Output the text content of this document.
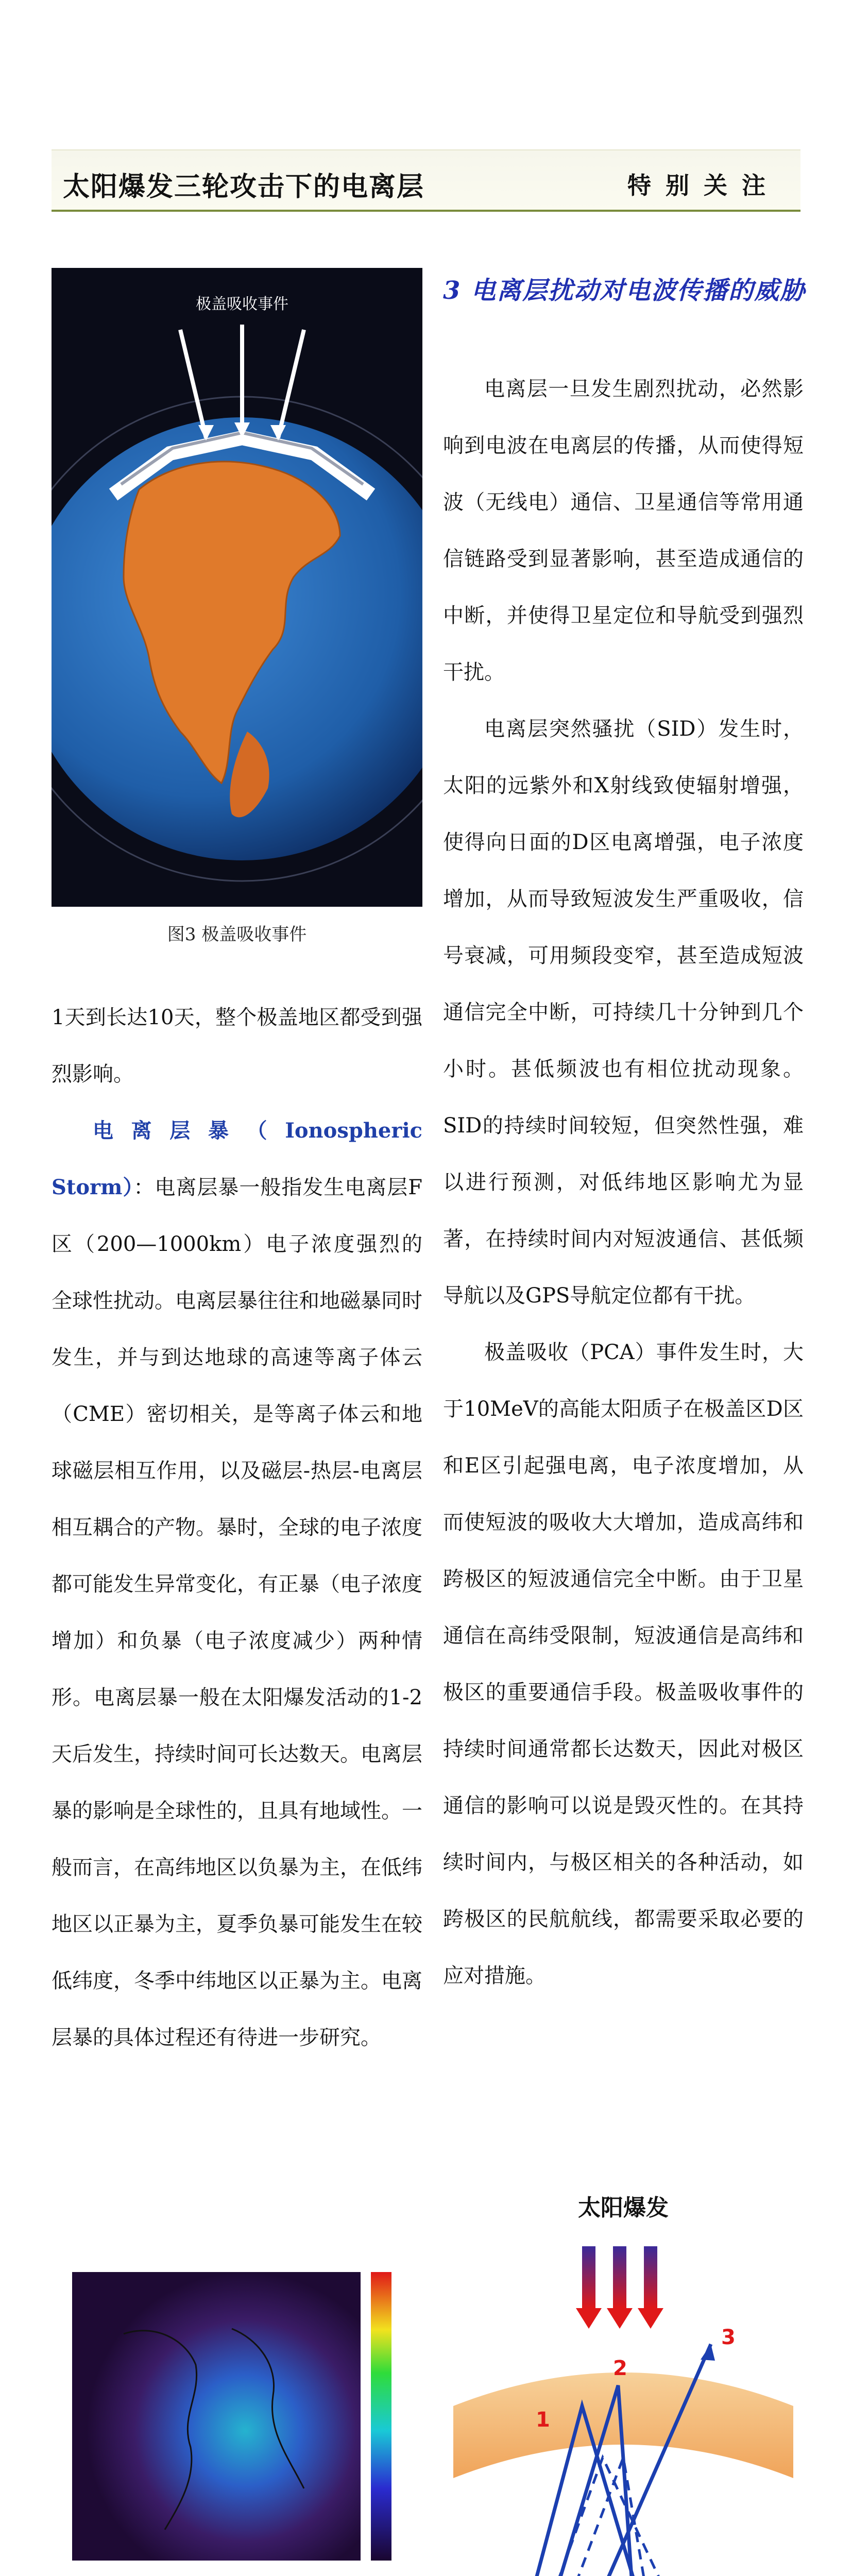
太阳爆发三轮攻击下的电离层	特别关注
极盖吸收事件
图3 极盖吸收事件

1天到长达10天，整个极盖地区都受到强烈影响。

电离层暴（Ionospheric Storm）：电离层暴一般指发生电离层F区（200—1000km）电子浓度强烈的全球性扰动。电离层暴往往和地磁暴同时发生，并与到达地球的高速等离子体云（CME）密切相关，是等离子体云和地球磁层相互作用，以及磁层-热层-电离层相互耦合的产物。暴时，全球的电子浓度都可能发生异常变化，有正暴（电子浓度增加）和负暴（电子浓度减少）两种情形。电离层暴一般在太阳爆发活动的1-2天后发生，持续时间可长达数天。电离层暴的影响是全球性的，且具有地域性。一般而言，在高纬地区以负暴为主，在低纬地区以正暴为主，夏季负暴可能发生在较低纬度，冬季中纬地区以正暴为主。电离层暴的具体过程还有待进一步研究。

3 电离层扰动对电波传播的威胁

电离层一旦发生剧烈扰动，必然影响到电波在电离层的传播，从而使得短波（无线电）通信、卫星通信等常用通信链路受到显著影响，甚至造成通信的中断，并使得卫星定位和导航受到强烈干扰。

电离层突然骚扰（SID）发生时，太阳的远紫外和X射线致使辐射增强，使得向日面的D区电离增强，电子浓度增加，从而导致短波发生严重吸收，信号衰减，可用频段变窄，甚至造成短波通信完全中断，可持续几十分钟到几个小时。甚低频波也有相位扰动现象。SID的持续时间较短，但突然性强，难以进行预测，对低纬地区影响尤为显著，在持续时间内对短波通信、甚低频导航以及GPS导航定位都有干扰。

极盖吸收（PCA）事件发生时，大于10MeV的高能太阳质子在极盖区D区和E区引起强电离，电子浓度增加，从而使短波的吸收大大增加，造成高纬和跨极区的短波通信完全中断。由于卫星通信在高纬受限制，短波通信是高纬和极区的重要通信手段。极盖吸收事件的持续时间通常都长达数天，因此对极区通信的影响可以说是毁灭性的。在其持续时间内，与极区相关的各种活动，如跨极区的民航航线，都需要采取必要的应对措施。

太阳爆发
1
2
3
